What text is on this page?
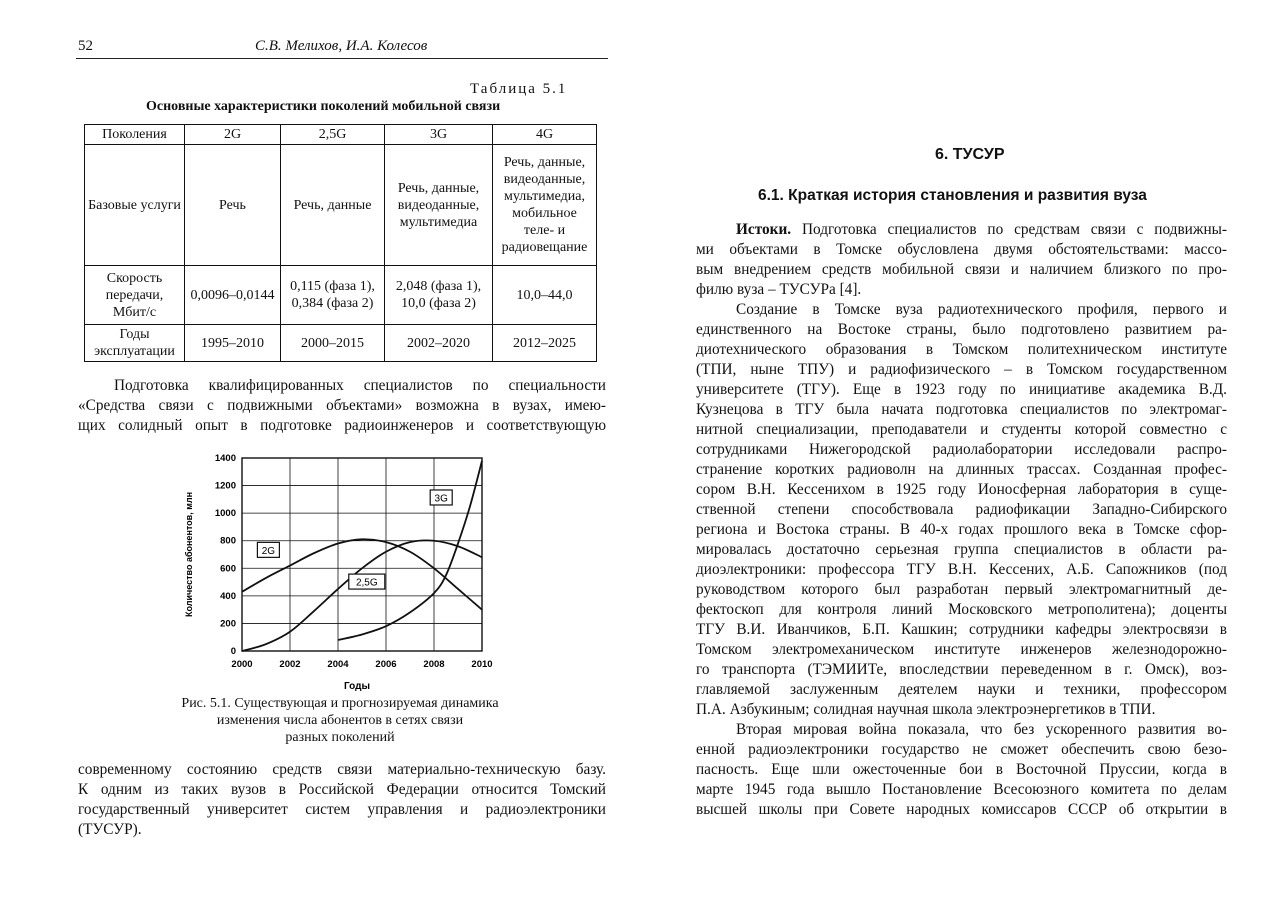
52	С.В. Мелихов, И.А. Колесов
Таблица 5.1
Основные характеристики поколений мобильной связи
Поколения	2G	2,5G	3G	4G
Базовые услуги	Речь	Речь, данные	Речь, данные, видеоданные, мультимедиа	Речь, данные, видеоданные, мультимедиа, мобильное теле- и радиовещание
Скорость передачи, Мбит/с	0,0096–0,0144	0,115 (фаза 1), 0,384 (фаза 2)	2,048 (фаза 1), 10,0 (фаза 2)	10,0–44,0
Годы эксплуатации	1995–2010	2000–2015	2002–2020	2012–2025
Подготовка квалифицированных специалистов по специальности
«Средства связи с подвижными объектами» возможна в вузах, имею-
щих солидный опыт в подготовке радиоинженеров и соответствующую
0
200
400
600
800
1000
1200
1400
2000	2002	2004	2006	2008	2010
Годы
Количество абонентов, млн	2G
2,5G
3G
Рис. 5.1. Существующая и прогнозируемая динамика
изменения числа абонентов в сетях связи
разных поколений
современному состоянию средств связи материально-техническую базу.
К одним из таких вузов в Российской Федерации относится Томский
государственный университет систем управления и радиоэлектроники
(ТУСУР).
6. ТУСУР
6.1. Краткая история становления и развития вуза
Истоки. Подготовка специалистов по средствам связи с подвижны-
ми объектами в Томске обусловлена двумя обстоятельствами: массо-
вым внедрением средств мобильной связи и наличием близкого по про-
филю вуза – ТУСУРа [4].
Создание в Томске вуза радиотехнического профиля, первого и
единственного на Востоке страны, было подготовлено развитием ра-
диотехнического образования в Томском политехническом институте
(ТПИ, ныне ТПУ) и радиофизического – в Томском государственном
университете (ТГУ). Еще в 1923 году по инициативе академика В.Д.
Кузнецова в ТГУ была начата подготовка специалистов по электромаг-
нитной специализации, преподаватели и студенты которой совместно с
сотрудниками Нижегородской радиолаборатории исследовали распро-
странение коротких радиоволн на длинных трассах. Созданная профес-
сором В.Н. Кессенихом в 1925 году Ионосферная лаборатория в суще-
ственной степени способствовала радиофикации Западно-Сибирского
региона и Востока страны. В 40-х годах прошлого века в Томске сфор-
мировалась достаточно серьезная группа специалистов в области ра-
диоэлектроники: профессора ТГУ В.Н. Кессених, А.Б. Сапожников (под
руководством которого был разработан первый электромагнитный де-
фектоскоп для контроля линий Московского метрополитена); доценты
ТГУ В.И. Иванчиков, Б.П. Кашкин; сотрудники кафедры электросвязи в
Томском электромеханическом институте инженеров железнодорожно-
го транспорта (ТЭМИИТе, впоследствии переведенном в г. Омск), воз-
главляемой заслуженным деятелем науки и техники, профессором
П.А. Азбукиным; солидная научная школа электроэнергетиков в ТПИ.
Вторая мировая война показала, что без ускоренного развития во-
енной радиоэлектроники государство не сможет обеспечить свою безо-
пасность. Еще шли ожесточенные бои в Восточной Пруссии, когда в
марте 1945 года вышло Постановление Всесоюзного комитета по делам
высшей школы при Совете народных комиссаров СССР об открытии в
